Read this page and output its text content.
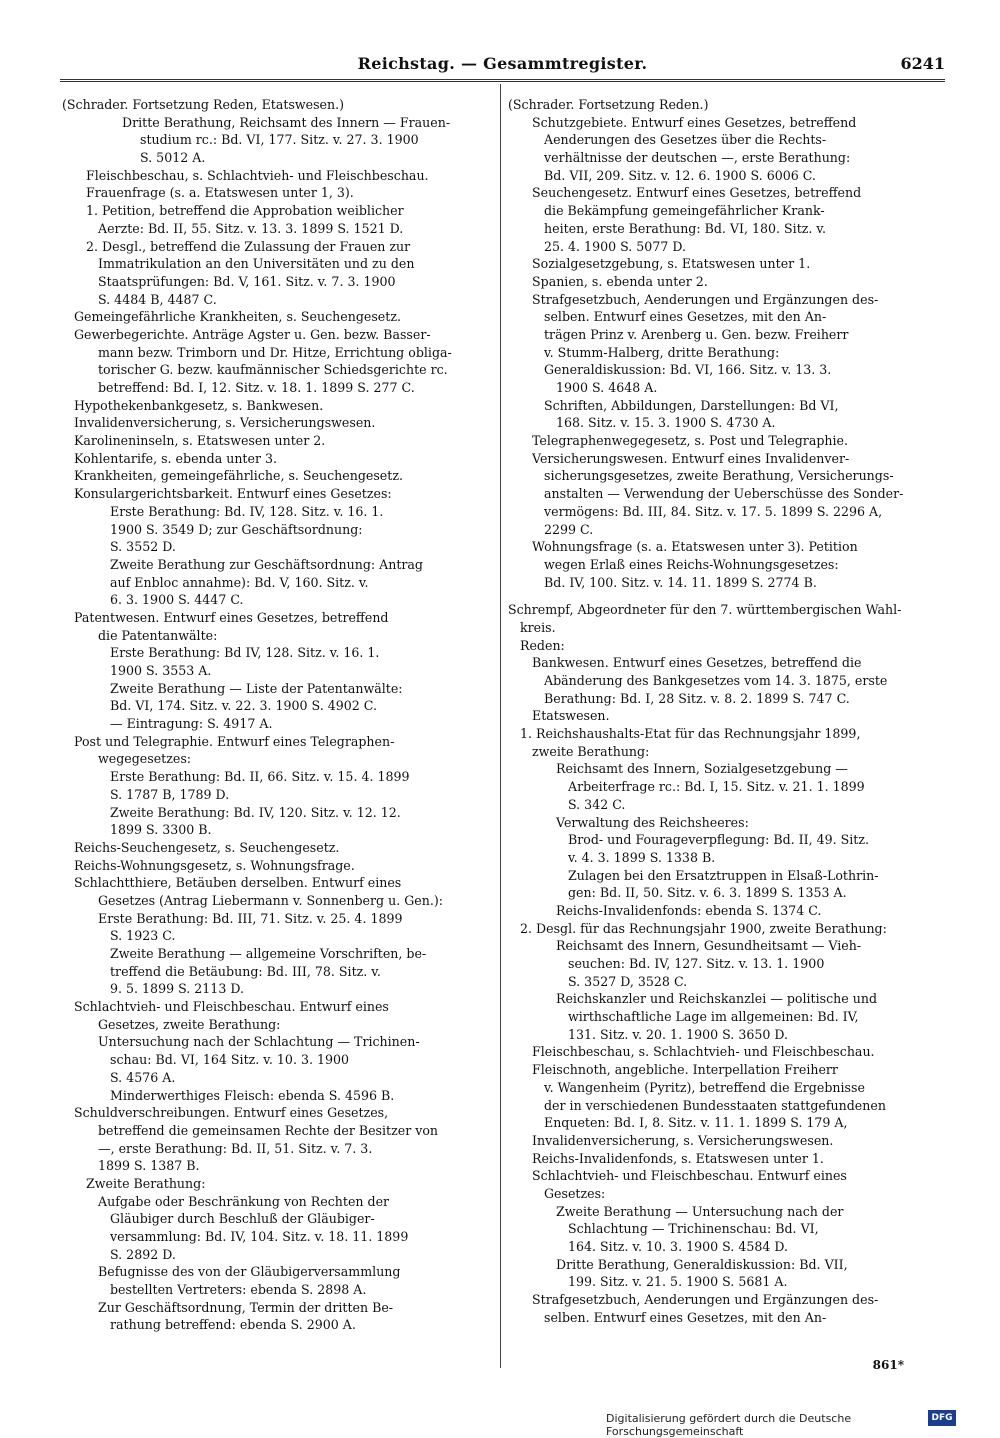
Reichstag. — Gesammtregister.	6241
(Schrader. Fortsetzung Reden, Etatswesen.)
Dritte Berathung, Reichsamt des Innern — Frauen-
studium rc.: Bd. VI, 177. Sitz. v. 27. 3. 1900
S. 5012 A.
Fleischbeschau, s. Schlachtvieh- und Fleischbeschau.
Frauenfrage (s. a. Etatswesen unter 1, 3).
1. Petition, betreffend die Approbation weiblicher
Aerzte: Bd. II, 55. Sitz. v. 13. 3. 1899 S. 1521 D.
2. Desgl., betreffend die Zulassung der Frauen zur
Immatrikulation an den Universitäten und zu den
Staatsprüfungen: Bd. V, 161. Sitz. v. 7. 3. 1900
S. 4484 B, 4487 C.
Gemeingefährliche Krankheiten, s. Seuchengesetz.
Gewerbegerichte. Anträge Agster u. Gen. bezw. Basser-
mann bezw. Trimborn und Dr. Hitze, Errichtung obliga-
torischer G. bezw. kaufmännischer Schiedsgerichte rc.
betreffend: Bd. I, 12. Sitz. v. 18. 1. 1899 S. 277 C.
Hypothekenbankgesetz, s. Bankwesen.
Invalidenversicherung, s. Versicherungswesen.
Karolineninseln, s. Etatswesen unter 2.
Kohlentarife, s. ebenda unter 3.
Krankheiten, gemeingefährliche, s. Seuchengesetz.
Konsulargerichtsbarkeit. Entwurf eines Gesetzes:
Erste Berathung: Bd. IV, 128. Sitz. v. 16. 1.
1900 S. 3549 D; zur Geschäftsordnung:
S. 3552 D.
Zweite Berathung zur Geschäftsordnung: Antrag
auf Enbloc annahme): Bd. V, 160. Sitz. v.
6. 3. 1900 S. 4447 C.
Patentwesen. Entwurf eines Gesetzes, betreffend
die Patentanwälte:
Erste Berathung: Bd IV, 128. Sitz. v. 16. 1.
1900 S. 3553 A.
Zweite Berathung — Liste der Patentanwälte:
Bd. VI, 174. Sitz. v. 22. 3. 1900 S. 4902 C.
— Eintragung: S. 4917 A.
Post und Telegraphie. Entwurf eines Telegraphen-
wegegesetzes:
Erste Berathung: Bd. II, 66. Sitz. v. 15. 4. 1899
S. 1787 B, 1789 D.
Zweite Berathung: Bd. IV, 120. Sitz. v. 12. 12.
1899 S. 3300 B.
Reichs-Seuchengesetz, s. Seuchengesetz.
Reichs-Wohnungsgesetz, s. Wohnungsfrage.
Schlachtthiere, Betäuben derselben. Entwurf eines
Gesetzes (Antrag Liebermann v. Sonnenberg u. Gen.):
Erste Berathung: Bd. III, 71. Sitz. v. 25. 4. 1899
S. 1923 C.
Zweite Berathung — allgemeine Vorschriften, be-
treffend die Betäubung: Bd. III, 78. Sitz. v.
9. 5. 1899 S. 2113 D.
Schlachtvieh- und Fleischbeschau. Entwurf eines
Gesetzes, zweite Berathung:
Untersuchung nach der Schlachtung — Trichinen-
schau: Bd. VI, 164 Sitz. v. 10. 3. 1900
S. 4576 A.
Minderwerthiges Fleisch: ebenda S. 4596 B.
Schuldverschreibungen. Entwurf eines Gesetzes,
betreffend die gemeinsamen Rechte der Besitzer von
—, erste Berathung: Bd. II, 51. Sitz. v. 7. 3.
1899 S. 1387 B.
Zweite Berathung:
Aufgabe oder Beschränkung von Rechten der
Gläubiger durch Beschluß der Gläubiger-
versammlung: Bd. IV, 104. Sitz. v. 18. 11. 1899
S. 2892 D.
Befugnisse des von der Gläubigerversammlung
bestellten Vertreters: ebenda S. 2898 A.
Zur Geschäftsordnung, Termin der dritten Be-
rathung betreffend: ebenda S. 2900 A.
(Schrader. Fortsetzung Reden.)
Schutzgebiete. Entwurf eines Gesetzes, betreffend
Aenderungen des Gesetzes über die Rechts-
verhältnisse der deutschen —, erste Berathung:
Bd. VII, 209. Sitz. v. 12. 6. 1900 S. 6006 C.
Seuchengesetz. Entwurf eines Gesetzes, betreffend
die Bekämpfung gemeingefährlicher Krank-
heiten, erste Berathung: Bd. VI, 180. Sitz. v.
25. 4. 1900 S. 5077 D.
Sozialgesetzgebung, s. Etatswesen unter 1.
Spanien, s. ebenda unter 2.
Strafgesetzbuch, Aenderungen und Ergänzungen des-
selben. Entwurf eines Gesetzes, mit den An-
trägen Prinz v. Arenberg u. Gen. bezw. Freiherr
v. Stumm-Halberg, dritte Berathung:
Generaldiskussion: Bd. VI, 166. Sitz. v. 13. 3.
1900 S. 4648 A.
Schriften, Abbildungen, Darstellungen: Bd VI,
168. Sitz. v. 15. 3. 1900 S. 4730 A.
Telegraphenwegegesetz, s. Post und Telegraphie.
Versicherungswesen. Entwurf eines Invalidenver-
sicherungsgesetzes, zweite Berathung, Versicherungs-
anstalten — Verwendung der Ueberschüsse des Sonder-
vermögens: Bd. III, 84. Sitz. v. 17. 5. 1899 S. 2296 A,
2299 C.
Wohnungsfrage (s. a. Etatswesen unter 3). Petition
wegen Erlaß eines Reichs-Wohnungsgesetzes:
Bd. IV, 100. Sitz. v. 14. 11. 1899 S. 2774 B.
Schrempf, Abgeordneter für den 7. württembergischen Wahl-
kreis.
Reden:
Bankwesen. Entwurf eines Gesetzes, betreffend die
Abänderung des Bankgesetzes vom 14. 3. 1875, erste
Berathung: Bd. I, 28 Sitz. v. 8. 2. 1899 S. 747 C.
Etatswesen.
1. Reichshaushalts-Etat für das Rechnungsjahr 1899,
zweite Berathung:
Reichsamt des Innern, Sozialgesetzgebung —
Arbeiterfrage rc.: Bd. I, 15. Sitz. v. 21. 1. 1899
S. 342 C.
Verwaltung des Reichsheeres:
Brod- und Fourageverpflegung: Bd. II, 49. Sitz.
v. 4. 3. 1899 S. 1338 B.
Zulagen bei den Ersatztruppen in Elsaß-Lothrin-
gen: Bd. II, 50. Sitz. v. 6. 3. 1899 S. 1353 A.
Reichs-Invalidenfonds: ebenda S. 1374 C.
2. Desgl. für das Rechnungsjahr 1900, zweite Berathung:
Reichsamt des Innern, Gesundheitsamt — Vieh-
seuchen: Bd. IV, 127. Sitz. v. 13. 1. 1900
S. 3527 D, 3528 C.
Reichskanzler und Reichskanzlei — politische und
wirthschaftliche Lage im allgemeinen: Bd. IV,
131. Sitz. v. 20. 1. 1900 S. 3650 D.
Fleischbeschau, s. Schlachtvieh- und Fleischbeschau.
Fleischnoth, angebliche. Interpellation Freiherr
v. Wangenheim (Pyritz), betreffend die Ergebnisse
der in verschiedenen Bundesstaaten stattgefundenen
Enqueten: Bd. I, 8. Sitz. v. 11. 1. 1899 S. 179 A,
Invalidenversicherung, s. Versicherungswesen.
Reichs-Invalidenfonds, s. Etatswesen unter 1.
Schlachtvieh- und Fleischbeschau. Entwurf eines
Gesetzes:
Zweite Berathung — Untersuchung nach der
Schlachtung — Trichinenschau: Bd. VI,
164. Sitz. v. 10. 3. 1900 S. 4584 D.
Dritte Berathung, Generaldiskussion: Bd. VII,
199. Sitz. v. 21. 5. 1900 S. 5681 A.
Strafgesetzbuch, Aenderungen und Ergänzungen des-
selben. Entwurf eines Gesetzes, mit den An-
861*
Digitalisierung gefördert durch die Deutsche Forschungsgemeinschaft
DFG
